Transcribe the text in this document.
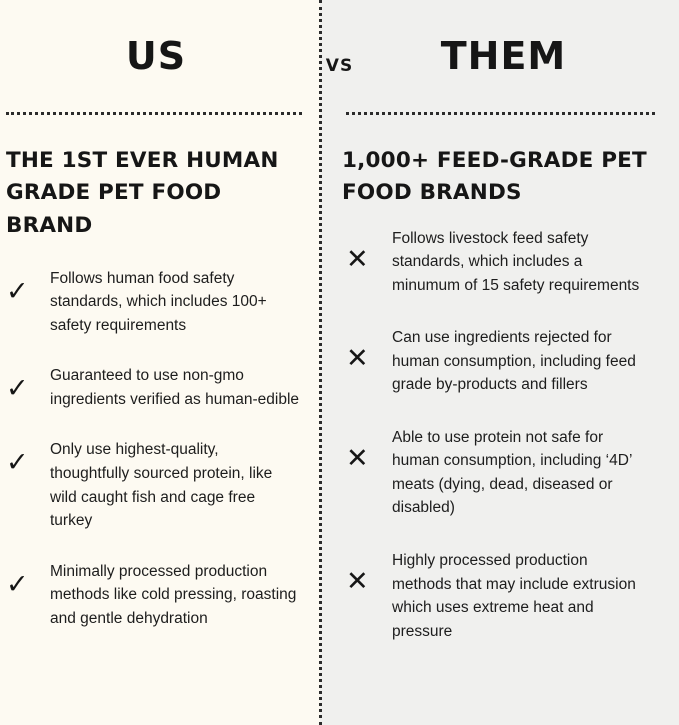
US
THE 1ST EVER HUMAN GRADE PET FOOD BRAND
✓	Follows human food safety standards, which includes 100+ safety requirements
✓	Guaranteed to use non-gmo ingredients verified as human-edible
✓	Only use highest-quality, thoughtfully sourced protein, like wild caught fish and cage free turkey
✓	Minimally processed production methods like cold pressing, roasting and gentle dehydration
THEM
1,000+ FEED-GRADE PET FOOD BRANDS
✕
Follows livestock feed safety standards, which includes a minumum of 15 safety requirements
✕
Can use ingredients rejected for human consumption, including feed grade by-products and fillers
✕
Able to use protein not safe for human consumption, including ‘4D’ meats (dying, dead, diseased or disabled)
✕
Highly processed production methods that may include extrusion which uses extreme heat and pressure
VS
